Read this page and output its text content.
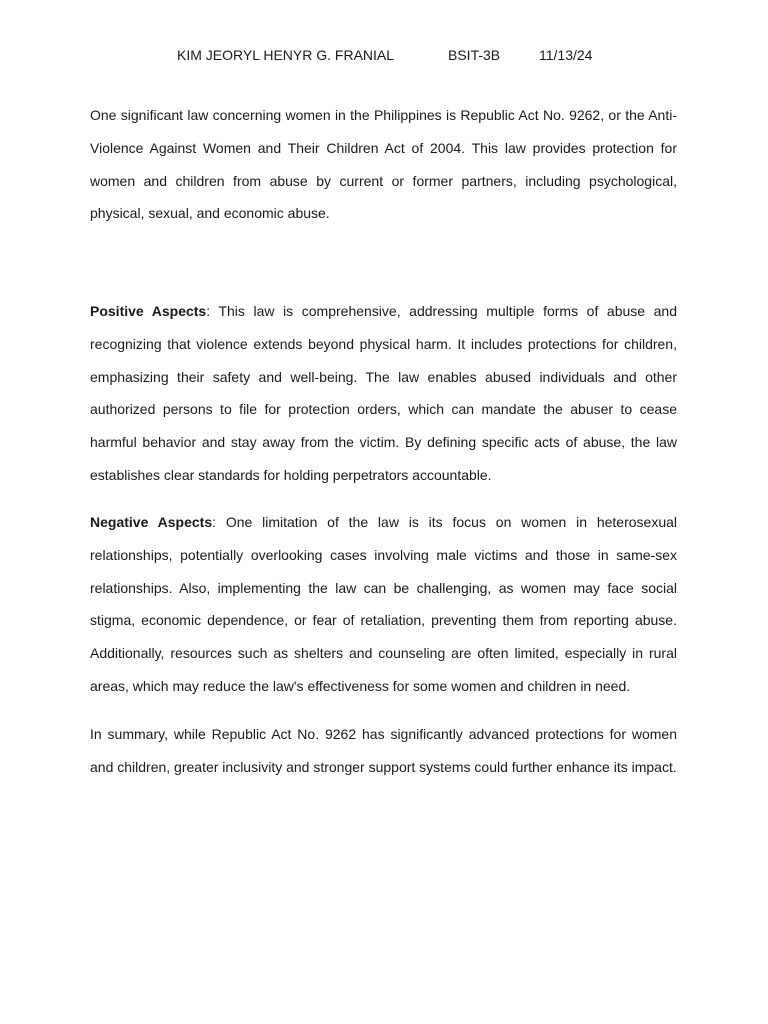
KIM JEORYL HENYR G. FRANIAL	BSIT-3B	11/13/24

One significant law concerning women in the Philippines is Republic Act No. 9262, or the Anti-Violence Against Women and Their Children Act of 2004. This law provides protection for women and children from abuse by current or former partners, including psychological, physical, sexual, and economic abuse.

Positive Aspects: This law is comprehensive, addressing multiple forms of abuse and recognizing that violence extends beyond physical harm. It includes protections for children, emphasizing their safety and well-being. The law enables abused individuals and other authorized persons to file for protection orders, which can mandate the abuser to cease harmful behavior and stay away from the victim. By defining specific acts of abuse, the law establishes clear standards for holding perpetrators accountable.

Negative Aspects: One limitation of the law is its focus on women in heterosexual relationships, potentially overlooking cases involving male victims and those in same-sex relationships. Also, implementing the law can be challenging, as women may face social stigma, economic dependence, or fear of retaliation, preventing them from reporting abuse. Additionally, resources such as shelters and counseling are often limited, especially in rural areas, which may reduce the law's effectiveness for some women and children in need.

In summary, while Republic Act No. 9262 has significantly advanced protections for women and children, greater inclusivity and stronger support systems could further enhance its impact.
